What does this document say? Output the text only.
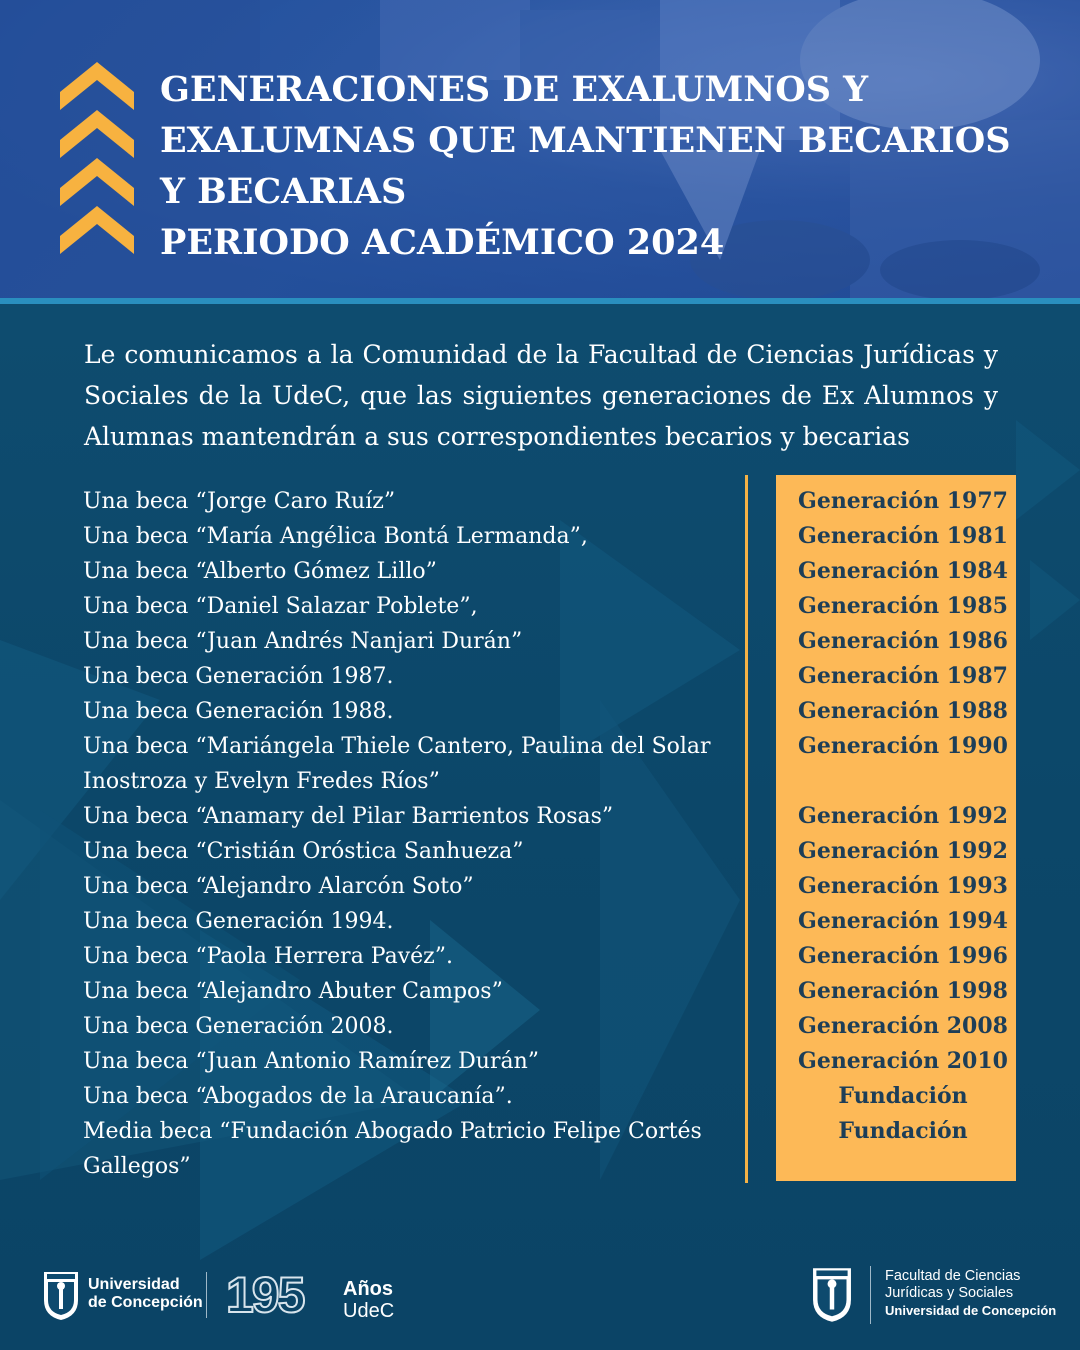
GENERACIONES DE EXALUMNOS Y
EXALUMNAS QUE MANTIENEN BECARIOS
Y BECARIAS
PERIODO ACADÉMICO 2024
Le comunicamos a la Comunidad de la Facultad de Ciencias Jurídicas y Sociales de la UdeC, que las siguientes generaciones de Ex Alumnos y Alumnas mantendrán a sus correspondientes becarios y becarias
Una beca “Jorge Caro Ruíz”
Una beca “María Angélica Bontá Lermanda”,
Una beca “Alberto Gómez Lillo”
Una beca “Daniel Salazar Poblete”,
Una beca “Juan Andrés Nanjari Durán”
Una beca Generación 1987.
Una beca Generación 1988.
Una beca “Mariángela Thiele Cantero, Paulina del Solar Inostroza y Evelyn Fredes Ríos”
Una beca “Anamary del Pilar Barrientos Rosas”
Una beca “Cristián Oróstica Sanhueza”
Una beca “Alejandro Alarcón Soto”
Una beca Generación 1994.
Una beca “Paola Herrera Pavéz”.
Una beca “Alejandro Abuter Campos”
Una beca Generación 2008.
Una beca “Juan Antonio Ramírez Durán”
Una beca “Abogados de la Araucanía”.
Media beca “Fundación Abogado Patricio Felipe Cortés Gallegos”
Generación 1977
Generación 1981
Generación 1984
Generación 1985
Generación 1986
Generación 1987
Generación 1988
Generación 1990
Generación 1992
Generación 1992
Generación 1993
Generación 1994
Generación 1996
Generación 1998
Generación 2008
Generación 2010
Fundación
Fundación
Universidad
de Concepción 195 Años
UdeC
Facultad de Ciencias
Jurídicas y Sociales
Universidad de Concepción
